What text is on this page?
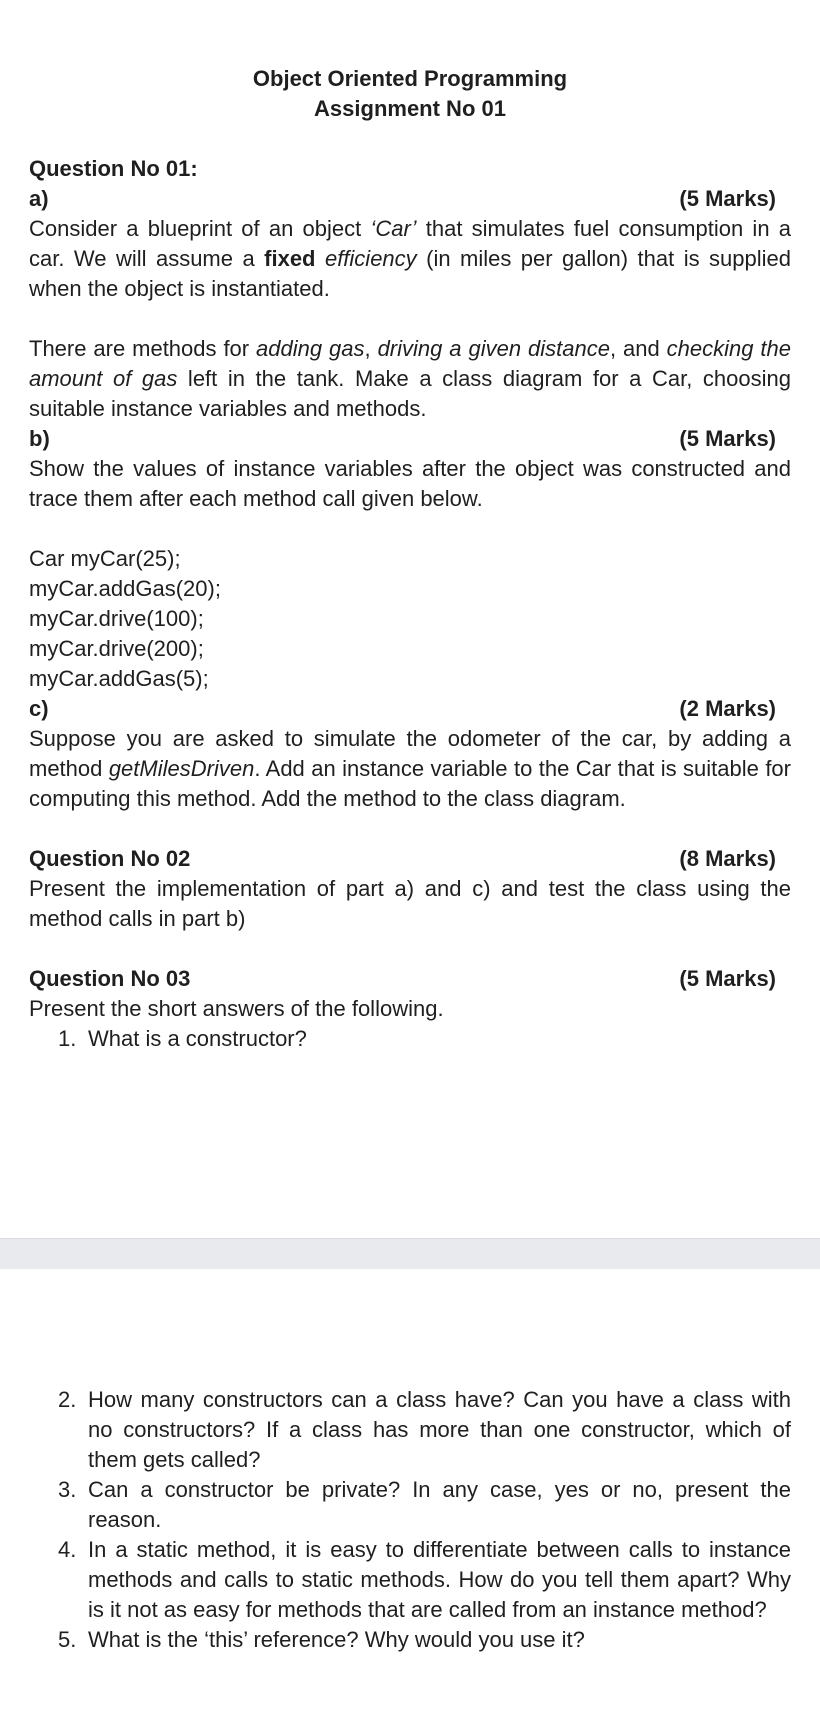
Object Oriented Programming
Assignment No 01
Question No 01:
a)	(5 Marks)

Consider a blueprint of an object ‘Car’ that simulates fuel consumption in a car. We will assume a fixed efficiency (in miles per gallon) that is supplied when the object is instantiated.

There are methods for adding gas, driving a given distance, and checking the amount of gas left in the tank. Make a class diagram for a Car, choosing suitable instance variables and methods.

b)	(5 Marks)

Show the values of instance variables after the object was constructed and trace them after each method call given below.

Car myCar(25);
myCar.addGas(20);
myCar.drive(100);
myCar.drive(200);
myCar.addGas(5);
c)	(2 Marks)

Suppose you are asked to simulate the odometer of the car, by adding a method getMilesDriven. Add an instance variable to the Car that is suitable for computing this method. Add the method to the class diagram.

Question No 02	(8 Marks)

Present the implementation of part a) and c) and test the class using the method calls in part b)

Question No 03	(5 Marks)

Present the short answers of the following.

1. What is a constructor?
2. How many constructors can a class have? Can you have a class with no constructors? If a class has more than one constructor, which of them gets called?
3. Can a constructor be private? In any case, yes or no, present the reason.
4. In a static method, it is easy to differentiate between calls to instance methods and calls to static methods. How do you tell them apart? Why is it not as easy for methods that are called from an instance method?
5. What is the ‘this’ reference? Why would you use it?
